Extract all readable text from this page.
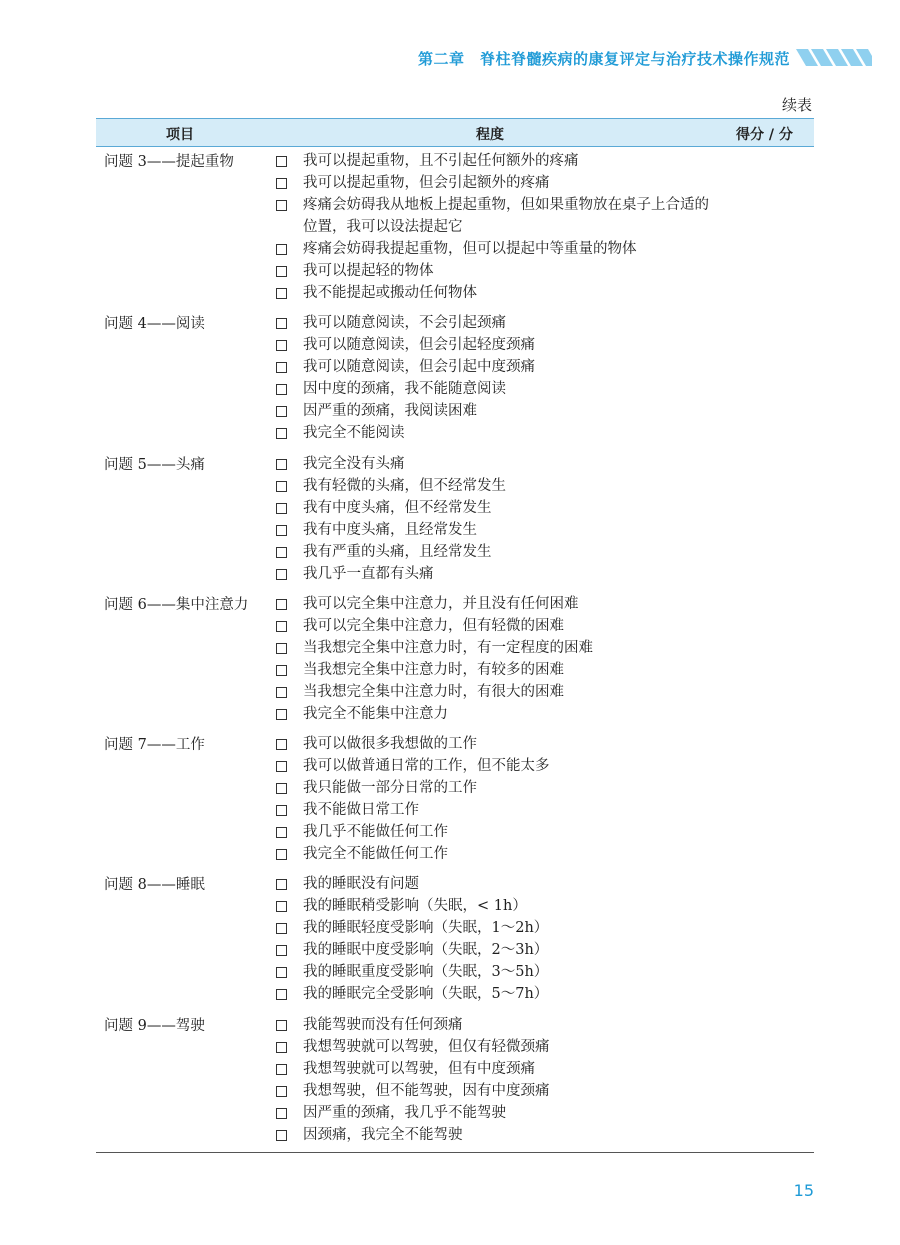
第二章　脊柱脊髓疾病的康复评定与治疗技术操作规范
续表
项目	程度	得分 / 分
问题 3——提起重物	我可以提起重物，且不引起任何额外的疼痛
我可以提起重物，但会引起额外的疼痛
疼痛会妨碍我从地板上提起重物，但如果重物放在桌子上合适的位置，我可以设法提起它
疼痛会妨碍我提起重物，但可以提起中等重量的物体
我可以提起轻的物体
我不能提起或搬动任何物体
问题 4——阅读	我可以随意阅读，不会引起颈痛
我可以随意阅读，但会引起轻度颈痛
我可以随意阅读，但会引起中度颈痛
因中度的颈痛，我不能随意阅读
因严重的颈痛，我阅读困难
我完全不能阅读
问题 5——头痛	我完全没有头痛
我有轻微的头痛，但不经常发生
我有中度头痛，但不经常发生
我有中度头痛，且经常发生
我有严重的头痛，且经常发生
我几乎一直都有头痛
问题 6——集中注意力	我可以完全集中注意力，并且没有任何困难
我可以完全集中注意力，但有轻微的困难
当我想完全集中注意力时，有一定程度的困难
当我想完全集中注意力时，有较多的困难
当我想完全集中注意力时，有很大的困难
我完全不能集中注意力
问题 7——工作	我可以做很多我想做的工作
我可以做普通日常的工作，但不能太多
我只能做一部分日常的工作
我不能做日常工作
我几乎不能做任何工作
我完全不能做任何工作
问题 8——睡眠	我的睡眠没有问题
我的睡眠稍受影响（失眠，< 1h）
我的睡眠轻度受影响（失眠，1～2h）
我的睡眠中度受影响（失眠，2～3h）
我的睡眠重度受影响（失眠，3～5h）
我的睡眠完全受影响（失眠，5～7h）
问题 9——驾驶	我能驾驶而没有任何颈痛
我想驾驶就可以驾驶，但仅有轻微颈痛
我想驾驶就可以驾驶，但有中度颈痛
我想驾驶，但不能驾驶，因有中度颈痛
因严重的颈痛，我几乎不能驾驶
因颈痛，我完全不能驾驶
15
